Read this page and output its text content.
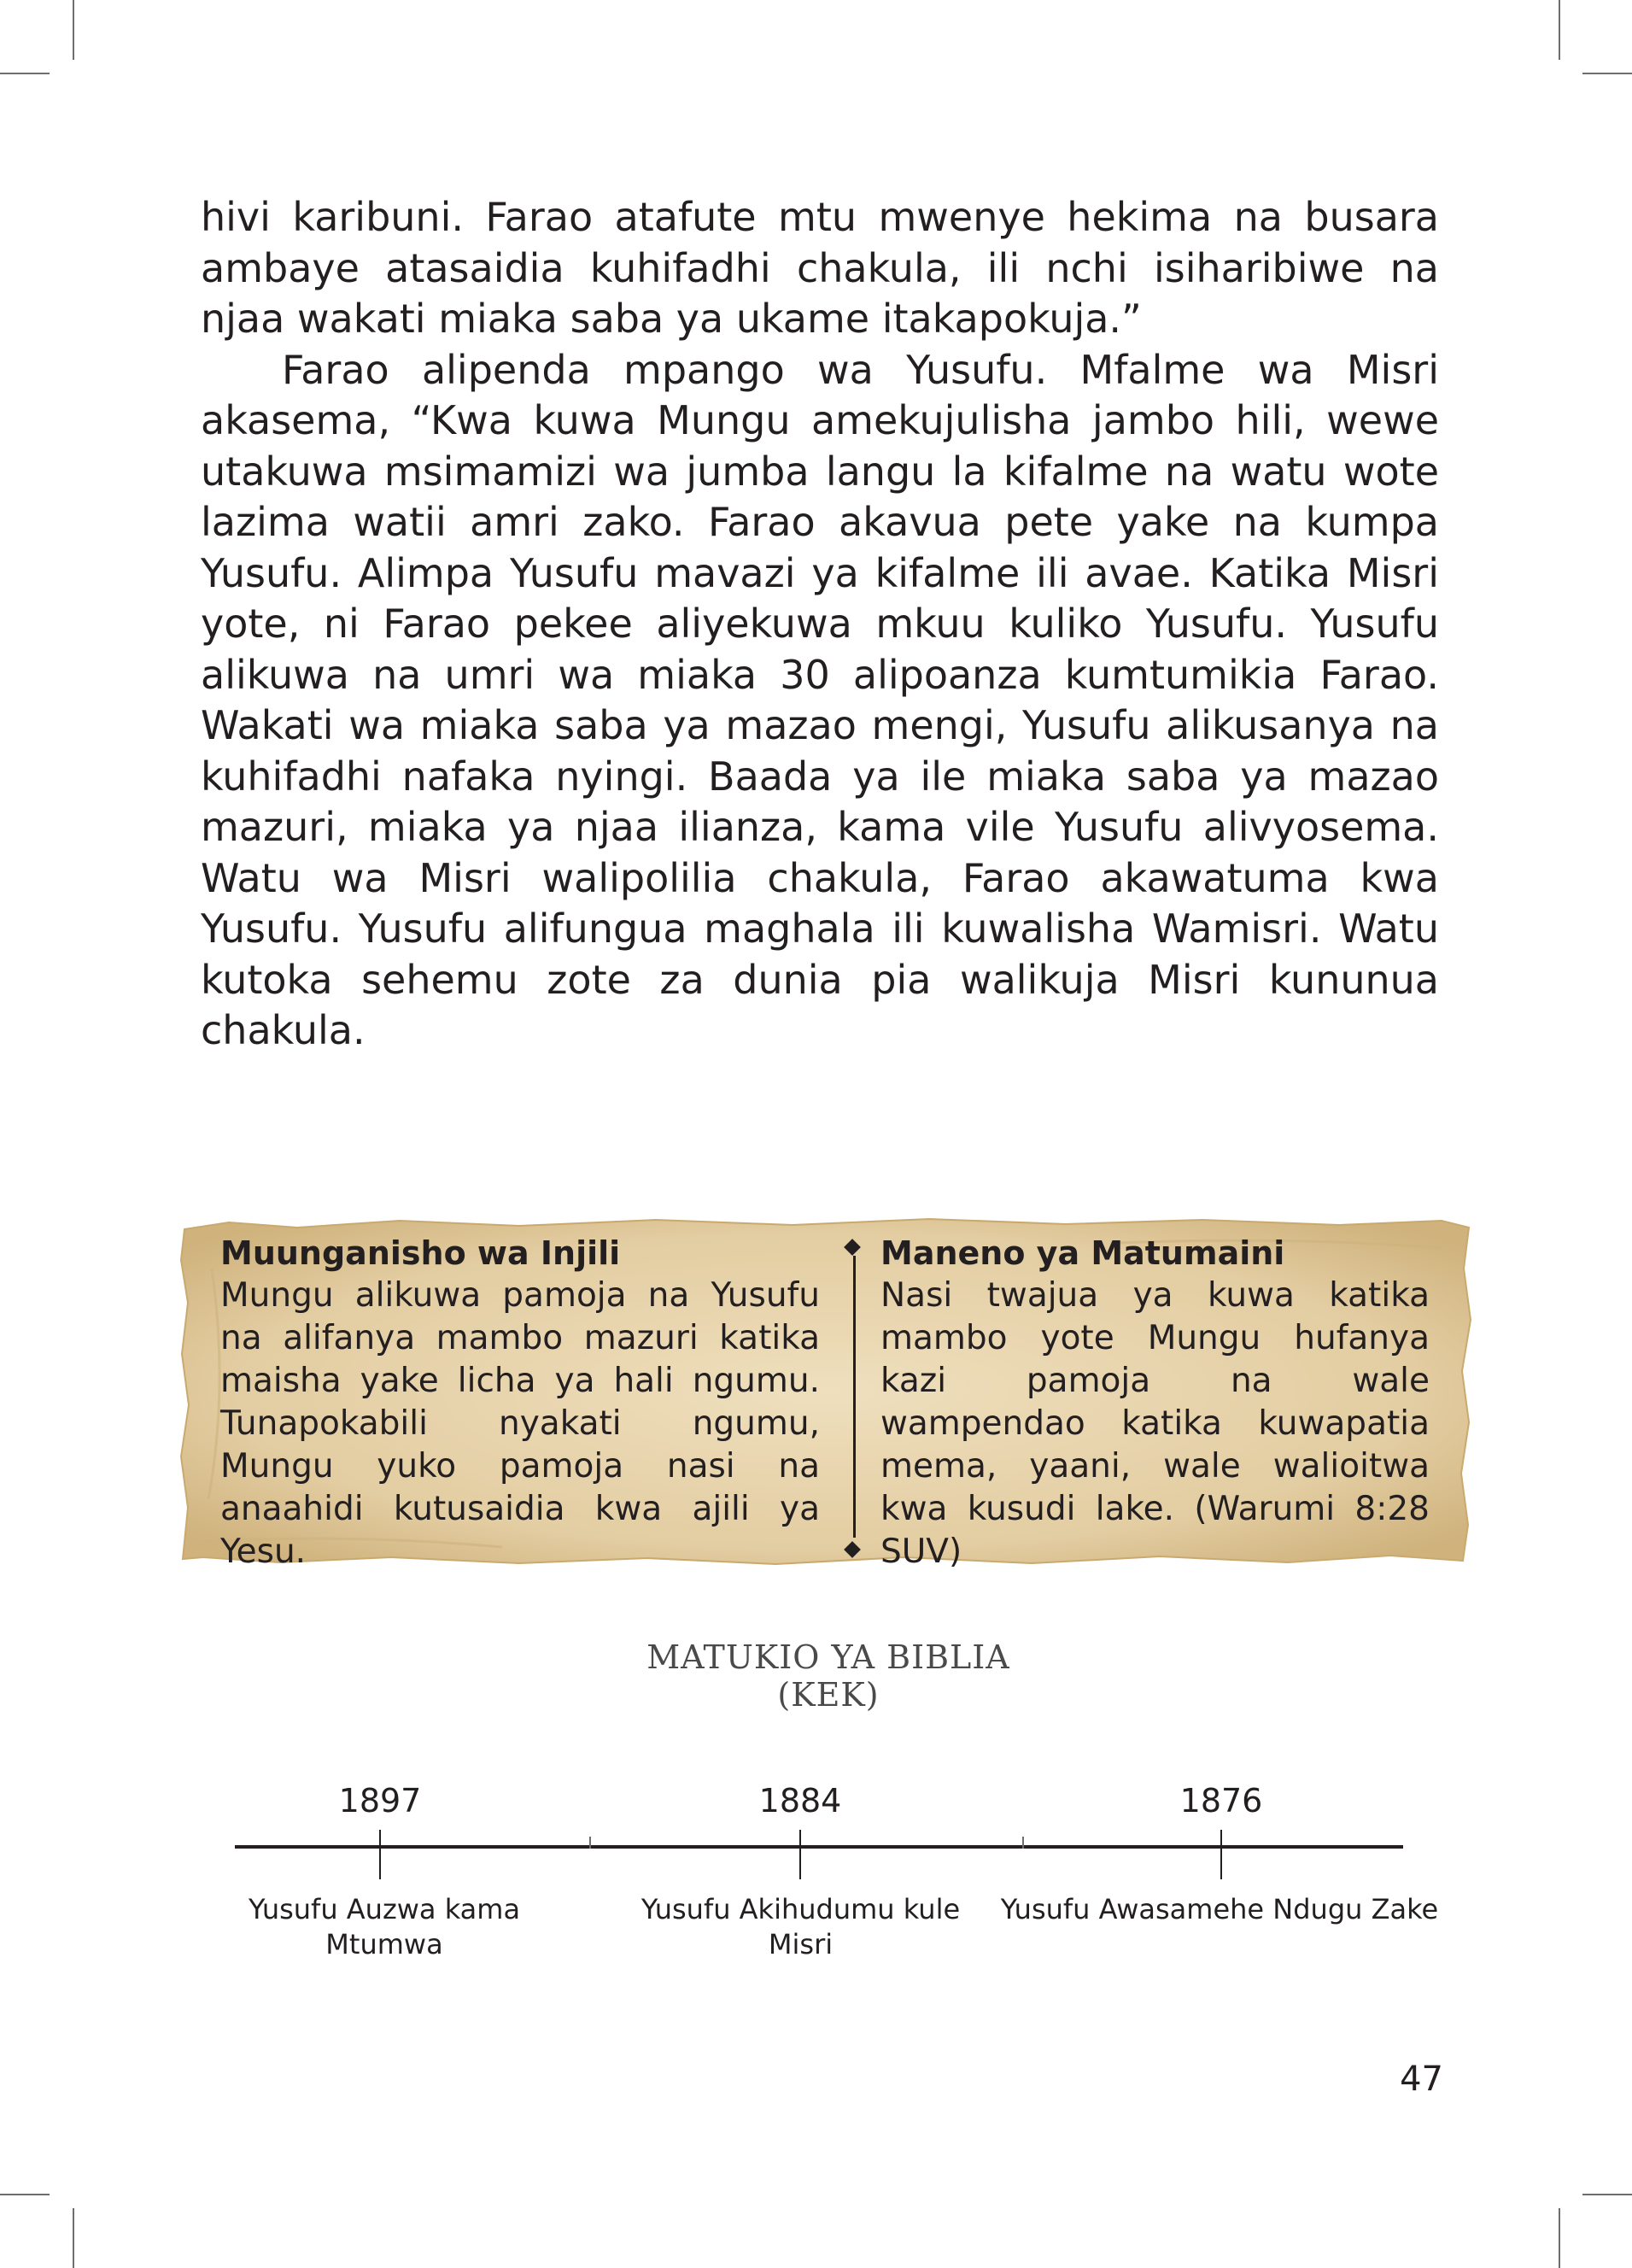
hivi karibuni. Farao atafute mtu mwenye hekima na busara ambaye atasaidia kuhifadhi chakula, ili nchi isiharibiwe na njaa wakati miaka saba ya ukame itakapokuja.”

Farao alipenda mpango wa Yusufu. Mfalme wa Misri akasema, “Kwa kuwa Mungu amekujulisha jambo hili, wewe utakuwa msimamizi wa jumba langu la kifalme na watu wote lazima watii amri zako. Farao akavua pete yake na kumpa Yusufu. Alimpa Yusufu mavazi ya kifalme ili avae. Katika Misri yote, ni Farao pekee aliyekuwa mkuu kuliko Yusufu. Yusufu alikuwa na umri wa miaka 30 alipoanza kumtumikia Farao. Wakati wa miaka saba ya mazao mengi, Yusufu alikusanya na kuhifadhi nafaka nyingi. Baada ya ile miaka saba ya mazao mazuri, miaka ya njaa ilianza, kama vile Yusufu alivyosema. Watu wa Misri walipolilia chakula, Farao akawatuma kwa Yusufu. Yusufu alifungua maghala ili kuwalisha Wamisri. Watu kutoka sehemu zote za dunia pia walikuja Misri kununua chakula.

Muunganisho wa Injili

Mungu alikuwa pamoja na Yusufu na alifanya mambo mazuri katika maisha yake licha ya hali ngumu. Tunapokabili nyakati ngumu, Mungu yuko pamoja nasi na anaahidi kutusaidia kwa ajili ya Yesu.

Maneno ya Matumaini

Nasi twajua ya kuwa katika mambo yote Mungu hufanya kazi pamoja na wale wampendao katika kuwapatia mema, yaani, wale walioitwa kwa kusudi lake. (Warumi 8:28 SUV)

MATUKIO YA BIBLIA
(KEK)
1897
Yusufu Auzwa kama Mtumwa
1884
Yusufu Akihudumu kule Misri
1876
Yusufu Awasamehe Ndugu Zake
47
